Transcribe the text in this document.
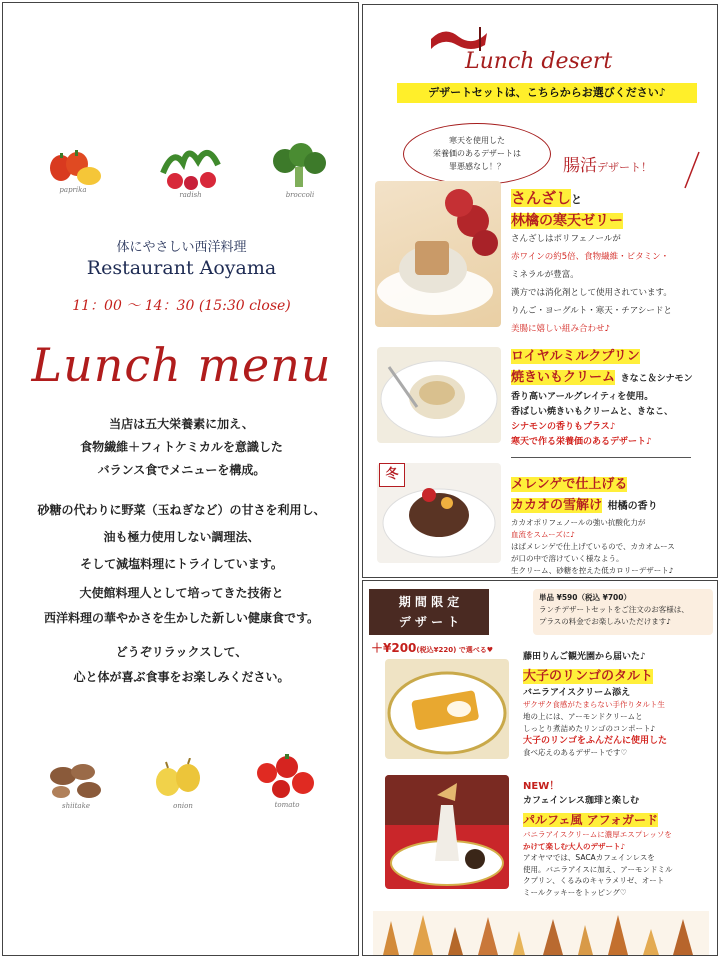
paprika
radish	broccoli
体にやさしい西洋料理
Restaurant Aoyama
11：00 〜 14：30 (15:30 close)
Lunch menu
当店は五大栄養素に加え、
食物繊維＋フィトケミカルを意識した
バランス食でメニューを構成。
砂糖の代わりに野菜（玉ねぎなど）の甘さを利用し、
油も極力使用しない調理法、
そして減塩料理にトライしています。
大使館料理人として培ってきた技術と
西洋料理の華やかさを生かした新しい健康食です。
どうぞリラックスして、
心と体が喜ぶ食事をお楽しみください。
shiitake	onion	tomato
Lunch desert
デザートセットは、こちらからお選びください♪
寒天を使用した
栄養価のあるデザートは
罪悪感なし！？	腸活デザート！
さんざしと
林檎の寒天ゼリー
さんざしはポリフェノールが
赤ワインの約5倍、食物繊維・ビタミン・
ミネラルが豊富。
漢方では消化剤として使用されています。
りんご・ヨーグルト・寒天・チアシードと
美腸に嬉しい組み合わせ♪
ロイヤルミルクプリン
焼きいもクリーム きなこ＆シナモン
香り高いアールグレイティを使用。
香ばしい焼きいもクリームと、きなこ、
シナモンの香りもプラス♪
寒天で作る栄養価のあるデザート♪
冬
メレンゲで仕上げる
カカオの雪解け 柑橘の香り
カカオポリフェノールの強い抗酸化力が
血流をスムーズに♪
はばメレンゲで仕上げているので、カカオムース
が口の中で溶けていく様なよう。
生クリーム、砂糖を控えた低カロリーデザート♪
期 間 限 定
デ ザ ー ト
単品 ¥590（税込 ¥700）
ランチデザートセットをご注文のお客様は、
プラスの料金でお楽しみいただけます♪
＋¥200(税込¥220) で選べる♥
藤田りんご観光園から届いた♪
大子のリンゴのタルト
バニラアイスクリーム添え
ザクザク食感がたまらない手作りタルト生
地の上には、アーモンドクリームと
しっとり煮詰めたリンゴのコンポート♪
大子のリンゴをふんだんに使用した
食べ応えのあるデザートです♡
NEW！
カフェインレス珈琲と楽しむ
パルフェ風 アフォガード
バニラアイスクリームに濃厚エスプレッソを
かけて楽しむ大人のデザート♪
アオヤマでは、SACAカフェインレスを
使用。バニラアイスに加え、アーモンドミル
クプリン、くるみのキャラメリゼ、オート
ミールクッキーをトッピング♡
